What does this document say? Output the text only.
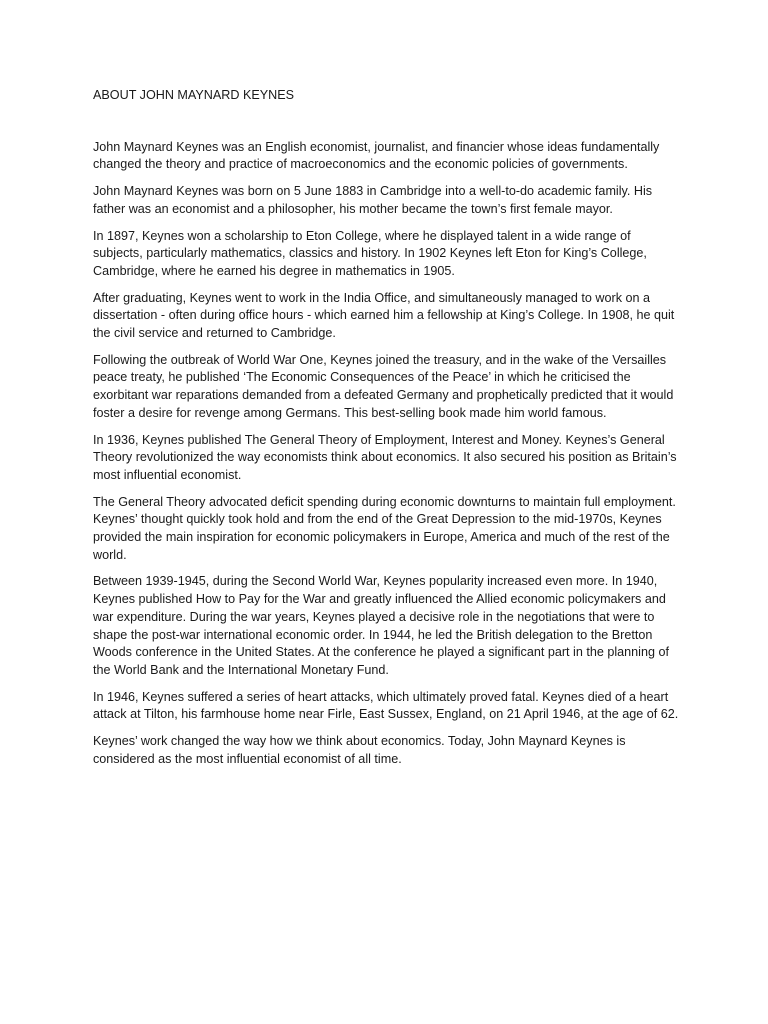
ABOUT JOHN MAYNARD KEYNES

John Maynard Keynes was an English economist, journalist, and financier whose ideas fundamentally changed the theory and practice of macroeconomics and the economic policies of governments.

John Maynard Keynes was born on 5 June 1883 in Cambridge into a well-to-do academic family. His father was an economist and a philosopher, his mother became the town’s first female mayor.

In 1897, Keynes won a scholarship to Eton College, where he displayed talent in a wide range of subjects, particularly mathematics, classics and history. In 1902 Keynes left Eton for King’s College, Cambridge, where he earned his degree in mathematics in 1905.

After graduating, Keynes went to work in the India Office, and simultaneously managed to work on a dissertation - often during office hours - which earned him a fellowship at King’s College. In 1908, he quit the civil service and returned to Cambridge.

Following the outbreak of World War One, Keynes joined the treasury, and in the wake of the Versailles peace treaty, he published ‘The Economic Consequences of the Peace’ in which he criticised the exorbitant war reparations demanded from a defeated Germany and prophetically predicted that it would foster a desire for revenge among Germans. This best-selling book made him world famous.

In 1936, Keynes published The General Theory of Employment, Interest and Money. Keynes’s General Theory revolutionized the way economists think about economics. It also secured his position as Britain’s most influential economist.

The General Theory advocated deficit spending during economic downturns to maintain full employment. Keynes’ thought quickly took hold and from the end of the Great Depression to the mid-1970s, Keynes provided the main inspiration for economic policymakers in Europe, America and much of the rest of the world.

Between 1939-1945, during the Second World War, Keynes popularity increased even more. In 1940, Keynes published How to Pay for the War and greatly influenced the Allied economic policymakers and war expenditure. During the war years, Keynes played a decisive role in the negotiations that were to shape the post-war international economic order. In 1944, he led the British delegation to the Bretton Woods conference in the United States. At the conference he played a significant part in the planning of the World Bank and the International Monetary Fund.

In 1946, Keynes suffered a series of heart attacks, which ultimately proved fatal. Keynes died of a heart attack at Tilton, his farmhouse home near Firle, East Sussex, England, on 21 April 1946, at the age of 62.

Keynes’ work changed the way how we think about economics. Today, John Maynard Keynes is considered as the most influential economist of all time.
